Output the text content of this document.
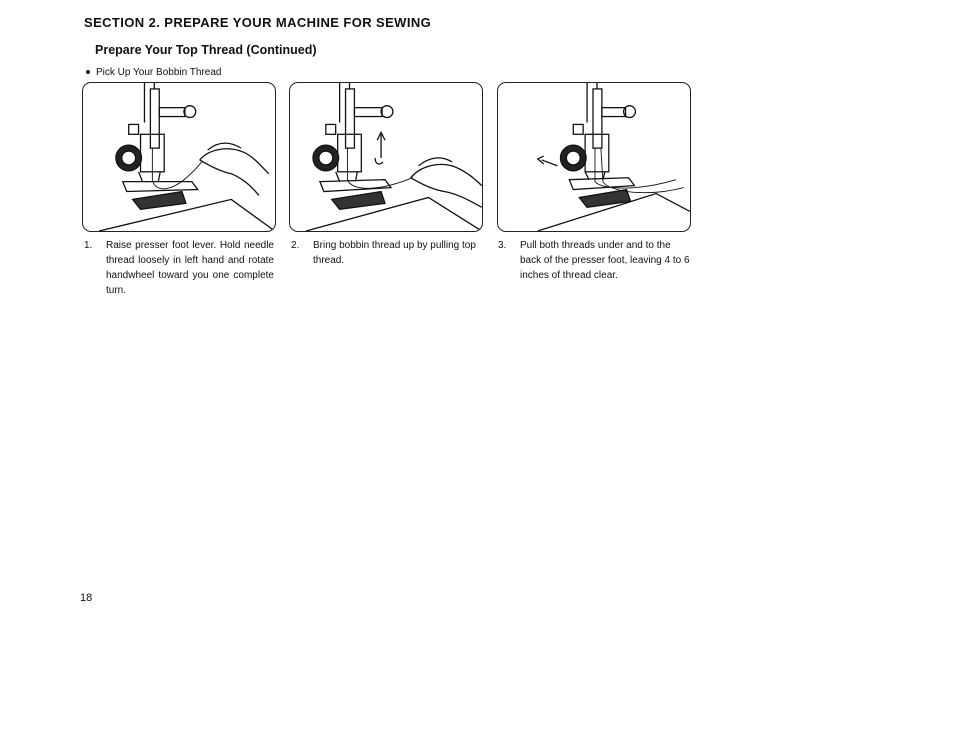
SECTION 2. PREPARE YOUR MACHINE FOR SEWING
Prepare Your Top Thread (Continued)
Pick Up Your Bobbin Thread
1. Raise presser foot lever. Hold needle thread loosely in left hand and rotate handwheel toward you one complete turn.
2. Bring bobbin thread up by pulling top thread.
3. Pull both threads under and to the back of the presser foot, leaving 4 to 6 inches of thread clear.
18
